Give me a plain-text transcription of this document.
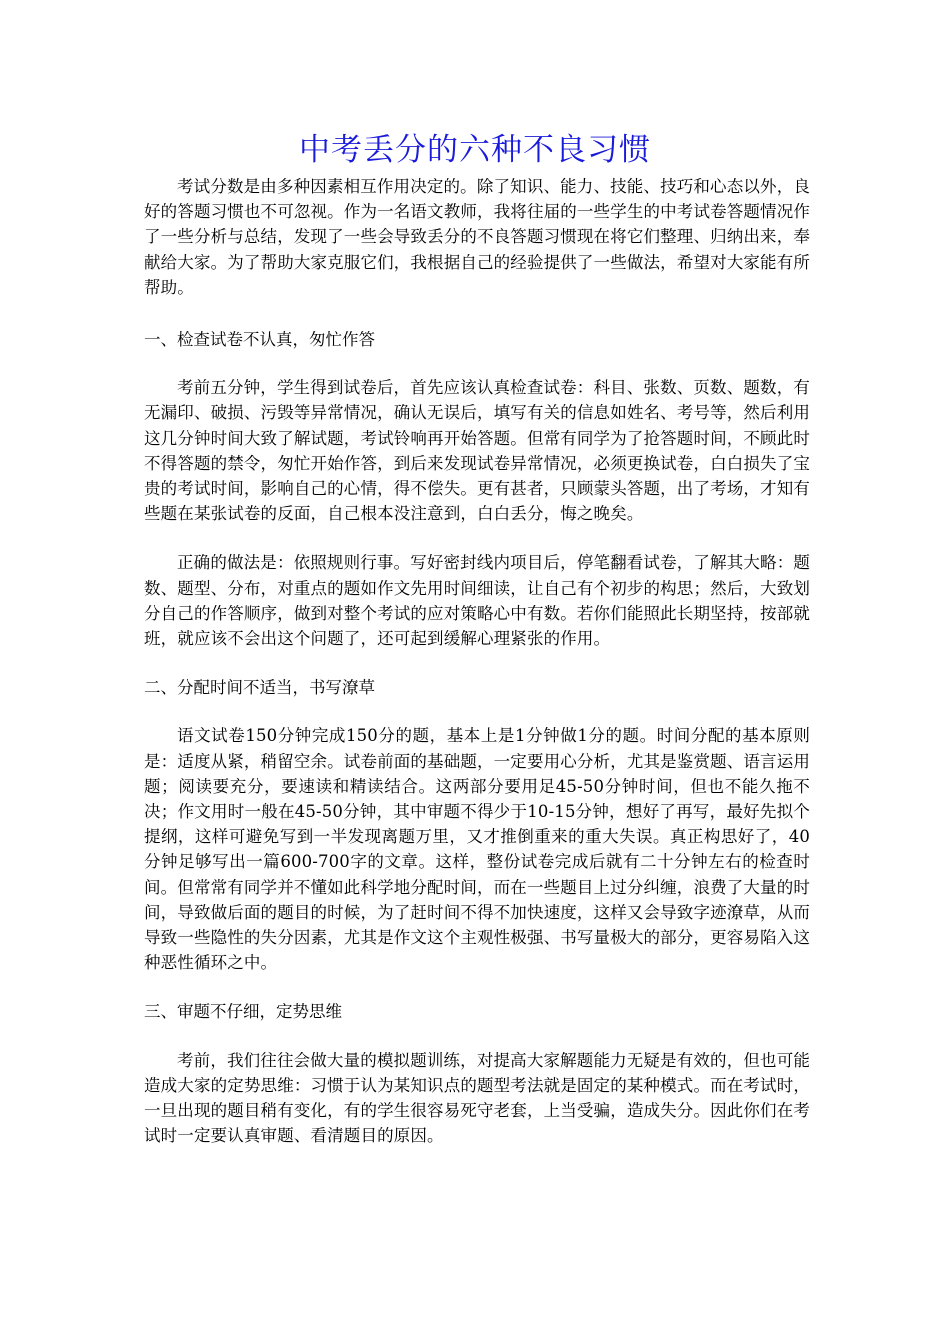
中考丢分的六种不良习惯

考试分数是由多种因素相互作用决定的。除了知识、能力、技能、技巧和心态以外，良好的答题习惯也不可忽视。作为一名语文教师，我将往届的一些学生的中考试卷答题情况作了一些分析与总结，发现了一些会导致丢分的不良答题习惯现在将它们整理、归纳出来，奉献给大家。为了帮助大家克服它们，我根据自己的经验提供了一些做法，希望对大家能有所帮助。

一、检查试卷不认真，匆忙作答

考前五分钟，学生得到试卷后，首先应该认真检查试卷：科目、张数、页数、题数，有无漏印、破损、污毁等异常情况，确认无误后，填写有关的信息如姓名、考号等，然后利用这几分钟时间大致了解试题，考试铃响再开始答题。但常有同学为了抢答题时间，不顾此时不得答题的禁令，匆忙开始作答，到后来发现试卷异常情况，必须更换试卷，白白损失了宝贵的考试时间，影响自己的心情，得不偿失。更有甚者，只顾蒙头答题，出了考场，才知有些题在某张试卷的反面，自己根本没注意到，白白丢分，悔之晚矣。

正确的做法是：依照规则行事。写好密封线内项目后，停笔翻看试卷，了解其大略：题数、题型、分布，对重点的题如作文先用时间细读，让自己有个初步的构思；然后，大致划分自己的作答顺序，做到对整个考试的应对策略心中有数。若你们能照此长期坚持，按部就班，就应该不会出这个问题了，还可起到缓解心理紧张的作用。

二、分配时间不适当，书写潦草

语文试卷150分钟完成150分的题，基本上是1分钟做1分的题。时间分配的基本原则是：适度从紧，稍留空余。试卷前面的基础题，一定要用心分析，尤其是鉴赏题、语言运用题；阅读要充分，要速读和精读结合。这两部分要用足45-50分钟时间，但也不能久拖不决；作文用时一般在45-50分钟，其中审题不得少于10-15分钟，想好了再写，最好先拟个提纲，这样可避免写到一半发现离题万里，又才推倒重来的重大失误。真正构思好了，40分钟足够写出一篇600-700字的文章。这样，整份试卷完成后就有二十分钟左右的检查时间。但常常有同学并不懂如此科学地分配时间，而在一些题目上过分纠缠，浪费了大量的时间，导致做后面的题目的时候，为了赶时间不得不加快速度，这样又会导致字迹潦草，从而导致一些隐性的失分因素，尤其是作文这个主观性极强、书写量极大的部分，更容易陷入这种恶性循环之中。

三、审题不仔细，定势思维

考前，我们往往会做大量的模拟题训练，对提高大家解题能力无疑是有效的，但也可能造成大家的定势思维：习惯于认为某知识点的题型考法就是固定的某种模式。而在考试时，一旦出现的题目稍有变化，有的学生很容易死守老套，上当受骗，造成失分。因此你们在考试时一定要认真审题、看清题目的原因。
